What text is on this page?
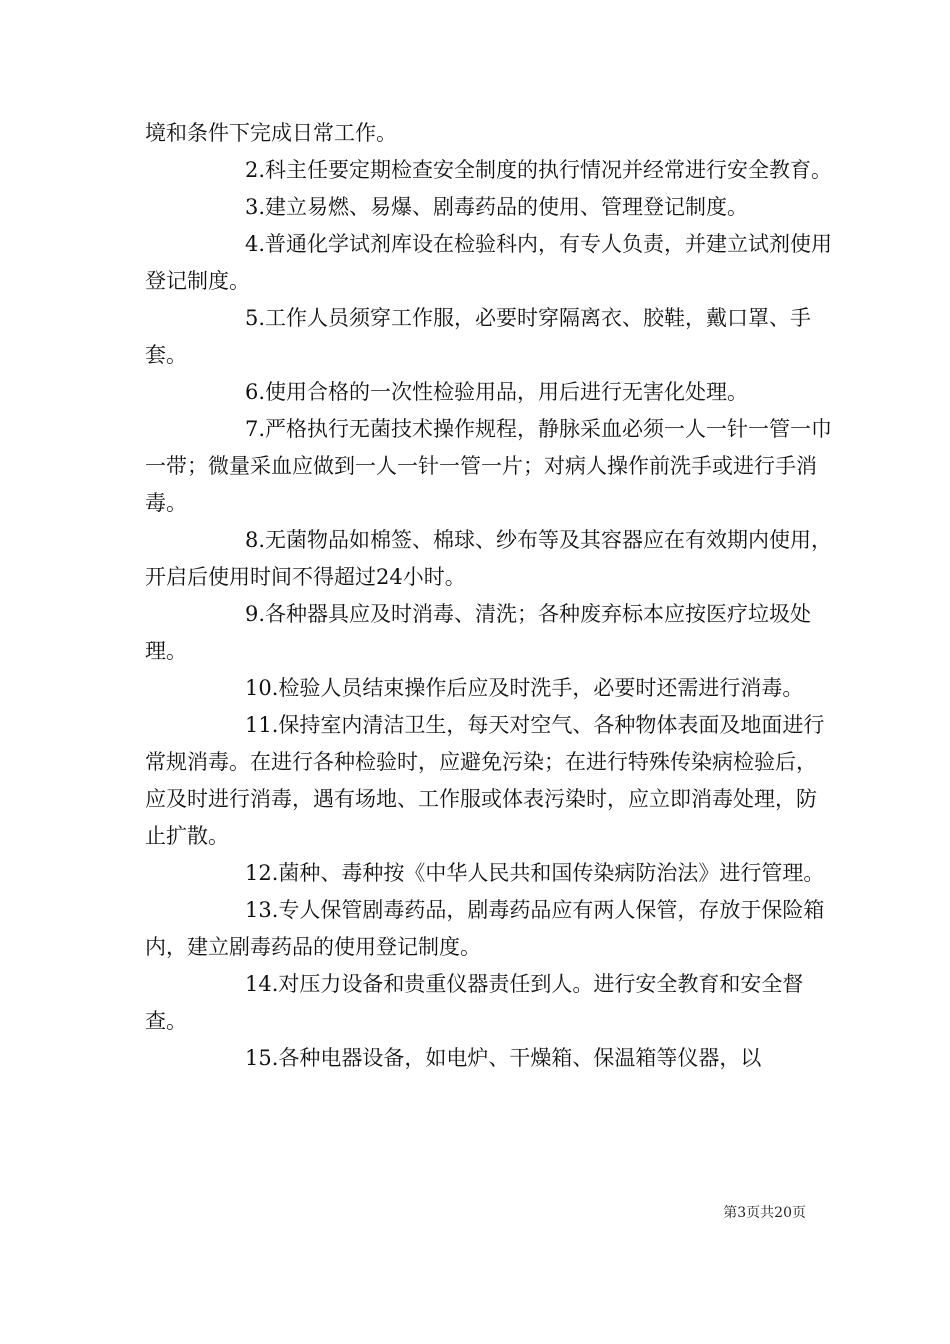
境和条件下完成日常工作。

2.科主任要定期检查安全制度的执行情况并经常进行安全教育。

3.建立易燃、易爆、剧毒药品的使用、管理登记制度。

4.普通化学试剂库设在检验科内，有专人负责，并建立试剂使用登记制度。

5.工作人员须穿工作服，必要时穿隔离衣、胶鞋，戴口罩、手套。

6.使用合格的一次性检验用品，用后进行无害化处理。

7.严格执行无菌技术操作规程，静脉采血必须一人一针一管一巾一带；微量采血应做到一人一针一管一片；对病人操作前洗手或进行手消毒。

8.无菌物品如棉签、棉球、纱布等及其容器应在有效期内使用，开启后使用时间不得超过24小时。

9.各种器具应及时消毒、清洗；各种废弃标本应按医疗垃圾处理。

10.检验人员结束操作后应及时洗手，必要时还需进行消毒。

11.保持室内清洁卫生，每天对空气、各种物体表面及地面进行常规消毒。在进行各种检验时，应避免污染；在进行特殊传染病检验后，应及时进行消毒，遇有场地、工作服或体表污染时，应立即消毒处理，防止扩散。

12.菌种、毒种按《中华人民共和国传染病防治法》进行管理。

13.专人保管剧毒药品，剧毒药品应有两人保管，存放于保险箱内，建立剧毒药品的使用登记制度。

14.对压力设备和贵重仪器责任到人。进行安全教育和安全督查。

15.各种电器设备，如电炉、干燥箱、保温箱等仪器，以

第3页共20页
